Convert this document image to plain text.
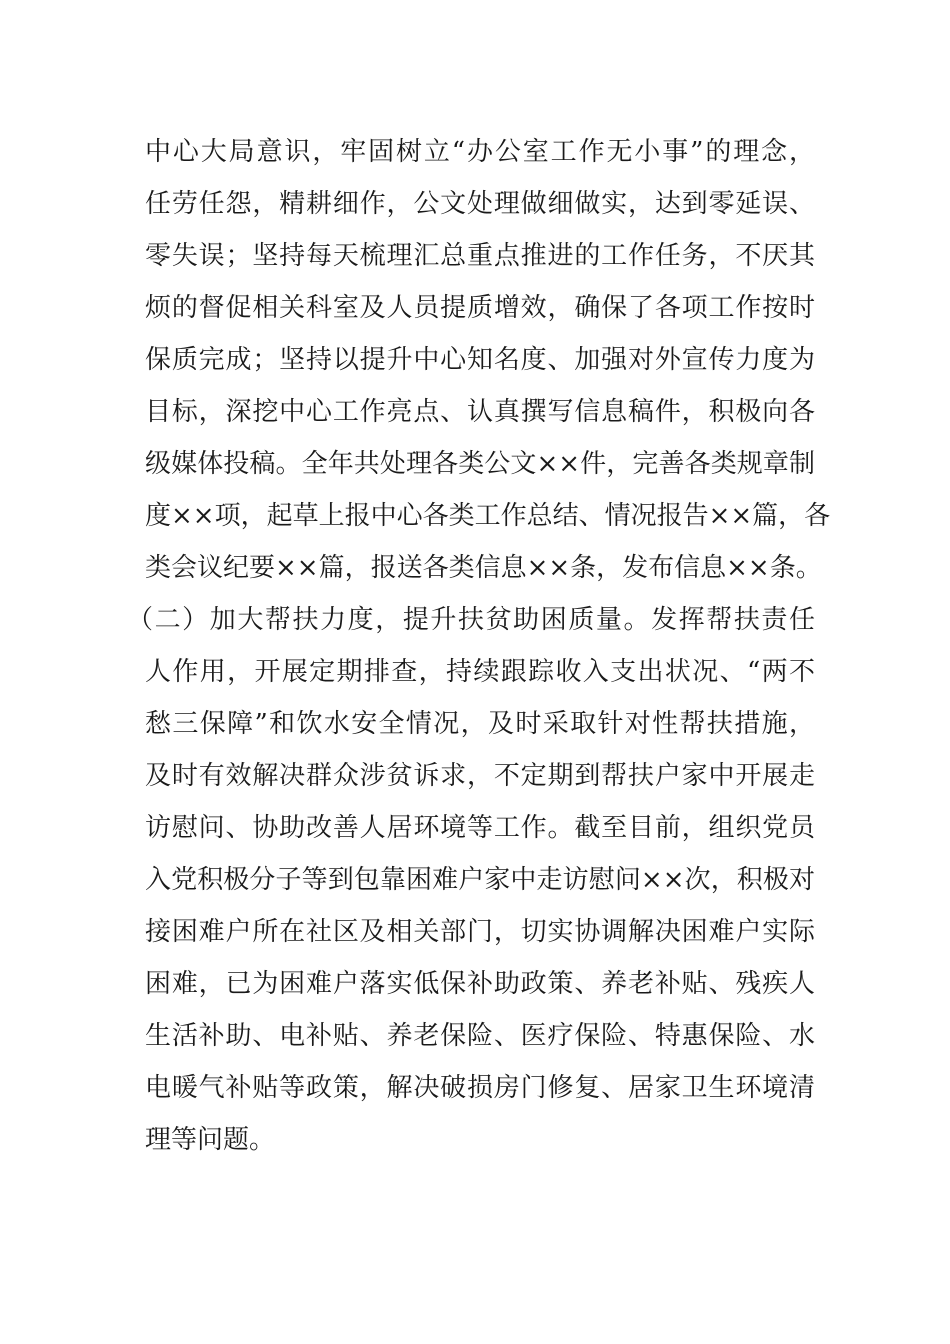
中心大局意识，牢固树立“办公室工作无小事”的理念，
任劳任怨，精耕细作，公文处理做细做实，达到零延误、
零失误；坚持每天梳理汇总重点推进的工作任务，不厌其
烦的督促相关科室及人员提质增效，确保了各项工作按时
保质完成；坚持以提升中心知名度、加强对外宣传力度为
目标，深挖中心工作亮点、认真撰写信息稿件，积极向各
级媒体投稿。全年共处理各类公文××件，完善各类规章制
度××项，起草上报中心各类工作总结、情况报告××篇，各
类会议纪要××篇，报送各类信息××条，发布信息××条。
（二）加大帮扶力度，提升扶贫助困质量。发挥帮扶责任
人作用，开展定期排查，持续跟踪收入支出状况、“两不
愁三保障”和饮水安全情况，及时采取针对性帮扶措施，
及时有效解决群众涉贫诉求，不定期到帮扶户家中开展走
访慰问、协助改善人居环境等工作。截至目前，组织党员
入党积极分子等到包靠困难户家中走访慰问××次，积极对
接困难户所在社区及相关部门，切实协调解决困难户实际
困难，已为困难户落实低保补助政策、养老补贴、残疾人
生活补助、电补贴、养老保险、医疗保险、特惠保险、水
电暖气补贴等政策，解决破损房门修复、居家卫生环境清
理等问题。
